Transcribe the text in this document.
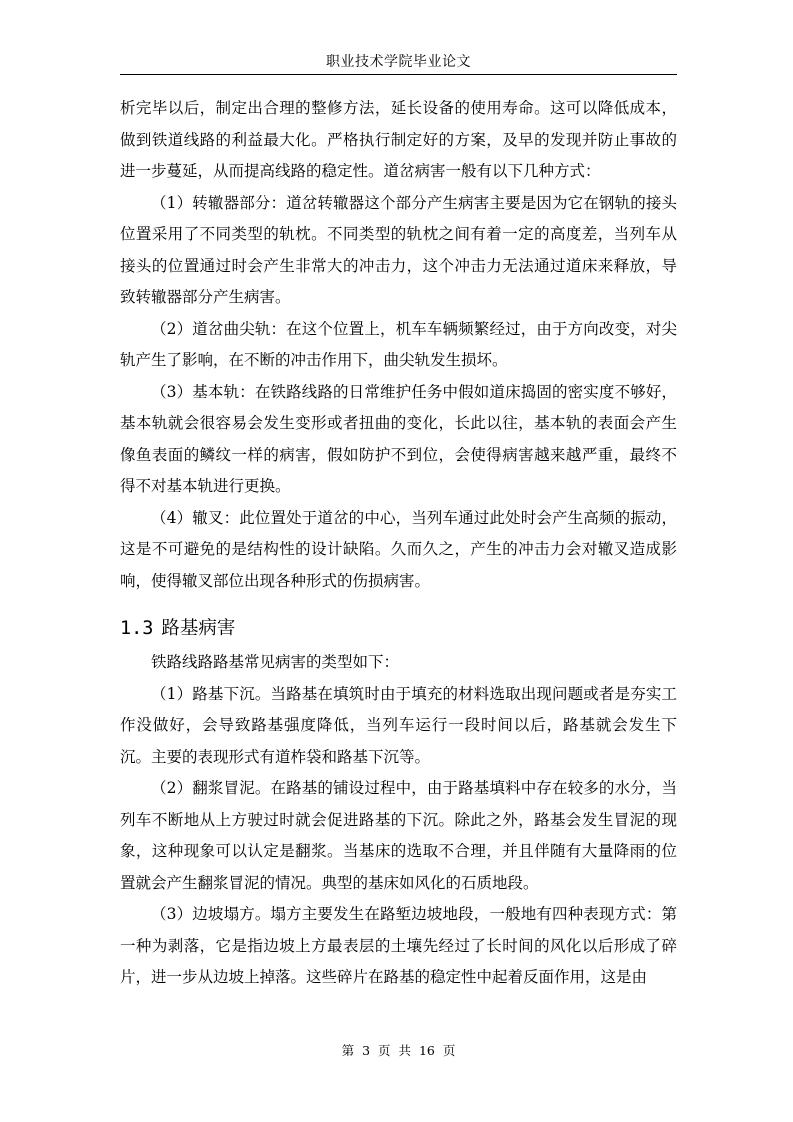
职业技术学院毕业论文

析完毕以后，制定出合理的整修方法，延长设备的使用寿命。这可以降低成本，做到铁道线路的利益最大化。严格执行制定好的方案，及早的发现并防止事故的进一步蔓延，从而提高线路的稳定性。道岔病害一般有以下几种方式：

（1）转辙器部分：道岔转辙器这个部分产生病害主要是因为它在钢轨的接头位置采用了不同类型的轨枕。不同类型的轨枕之间有着一定的高度差，当列车从接头的位置通过时会产生非常大的冲击力，这个冲击力无法通过道床来释放，导致转辙器部分产生病害。

（2）道岔曲尖轨：在这个位置上，机车车辆频繁经过，由于方向改变，对尖轨产生了影响，在不断的冲击作用下，曲尖轨发生损坏。

（3）基本轨：在铁路线路的日常维护任务中假如道床捣固的密实度不够好，基本轨就会很容易会发生变形或者扭曲的变化，长此以往，基本轨的表面会产生像鱼表面的鳞纹一样的病害，假如防护不到位，会使得病害越来越严重，最终不得不对基本轨进行更换。

（4）辙叉：此位置处于道岔的中心，当列车通过此处时会产生高频的振动，这是不可避免的是结构性的设计缺陷。久而久之，产生的冲击力会对辙叉造成影响，使得辙叉部位出现各种形式的伤损病害。

1.3 路基病害

铁路线路路基常见病害的类型如下：

（1）路基下沉。当路基在填筑时由于填充的材料选取出现问题或者是夯实工作没做好，会导致路基强度降低，当列车运行一段时间以后，路基就会发生下沉。主要的表现形式有道柞袋和路基下沉等。

（2）翻浆冒泥。在路基的铺设过程中，由于路基填料中存在较多的水分，当列车不断地从上方驶过时就会促进路基的下沉。除此之外，路基会发生冒泥的现象，这种现象可以认定是翻浆。当基床的选取不合理，并且伴随有大量降雨的位置就会产生翻浆冒泥的情况。典型的基床如风化的石质地段。

（3）边坡塌方。塌方主要发生在路堑边坡地段，一般地有四种表现方式：第一种为剥落，它是指边坡上方最表层的土壤先经过了长时间的风化以后形成了碎片，进一步从边坡上掉落。这些碎片在路基的稳定性中起着反面作用，这是由

第 3 页 共 16 页
